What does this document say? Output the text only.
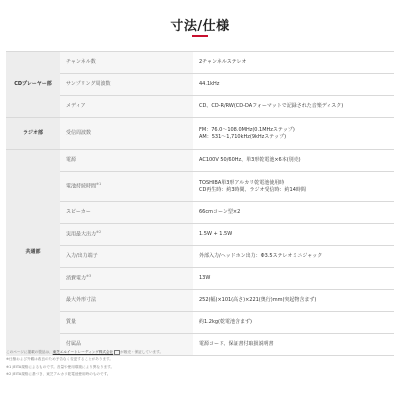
寸法/仕様
CDプレーヤー部	チャンネル数	2チャンネルステレオ
	サンプリング周波数	44.1kHz
	メディア	CD、CD-R/RW(CD-DAフォーマットで記録された音楽ディスク)
ラジオ部	受信周波数	FM：76.0〜108.0MHz(0.1MHzステップ)
AM：531〜1,710kHz(9kHzステップ)

共通部	電源	AC100V 50/60Hz、単3形乾電池×6本(別売)
	電池持続時間$^{※1}$	TOSHIBA単3形アルカリ乾電池使用時
CD再生時：約3時間、ラジオ受信時：約14時間

	スピーカー	66cmコーン型×2
	実用最大出力$^{※2}$	1.5W + 1.5W
	入力/出力端子	外部入力/ヘッドホン出力：Φ3.5ステレオミニジャック
	消費電力$^{※3}$	13W
	最大外形寸法	252(幅)×101(高さ)×221(奥行)mm(突起物含まず)
	質量	約1.2kg(乾電池含まず)
	付属品	電源コード、保証書付取扱説明書
このページに掲載の製品は、東芝エルイートレーディング株式会社 が販売・保証しています。
※仕様および外観は改良のため予告なく変更することがあります。
※1 JEITA規格によるものです。音量や使用環境により異なります。
※2 JEITA規格に基づき、東芝アルカリ乾電池使用時のものです。
